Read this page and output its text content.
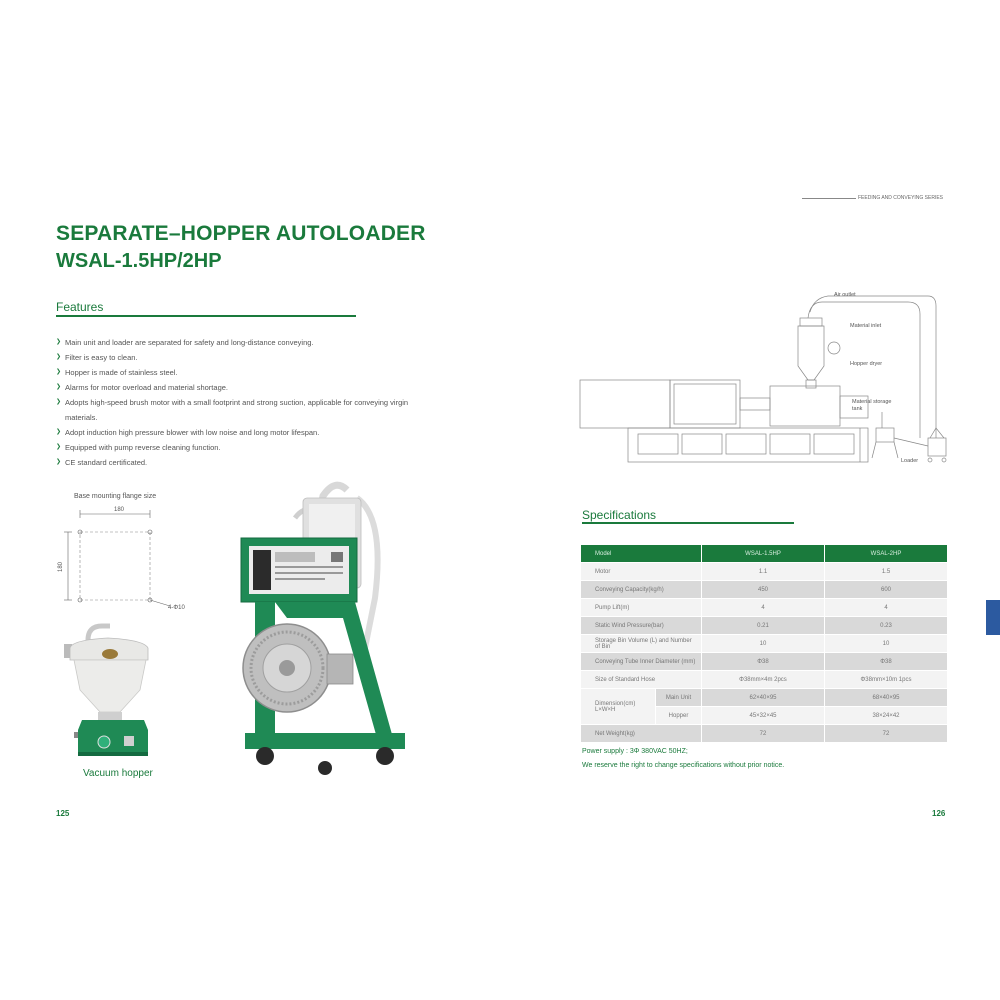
SEPARATE–HOPPER AUTOLOADER
WSAL-1.5HP/2HP
Features
❯ Main unit and loader are separated for safety and long-distance conveying.
❯ Filter is easy to clean.
❯ Hopper is made of stainless steel.
❯ Alarms for motor overload and material shortage.
❯ Adopts high-speed brush motor with a small footprint and strong suction, applicable for conveying virgin materials.
❯ Adopt induction high pressure blower with low noise and long motor lifespan.
❯ Equipped with pump reverse cleaning function.
❯ CE standard certificated.
Base mounting flange size
180
180
4-Φ10
Vacuum hopper
125
FEEDING AND CONVEYING SERIES
Air outlet
Material inlet
Hopper dryer
Material storage tank
Loader
Specifications
Model		WSAL-1.5HP	WSAL-2HP
Motor		1.1	1.5
Conveying Capacity(kg/h)		450	600
Pump Lift(m)		4	4
Static Wind Pressure(bar)		0.21	0.23
Storage Bin Volume (L) and Number of Bin		10	10
Conveying Tube Inner Diameter (mm)		Φ38	Φ38
Size of Standard Hose		Φ38mm×4m 2pcs	Φ38mm×10m 1pcs
Dimension(cm) L×W×H	Main Unit	62×40×95	68×40×95
	Hopper	45×32×45	38×24×42
Net Weight(kg)		72	72
Power supply : 3Φ 380VAC 50HZ;
We reserve the right to change specifications without prior notice.
126
